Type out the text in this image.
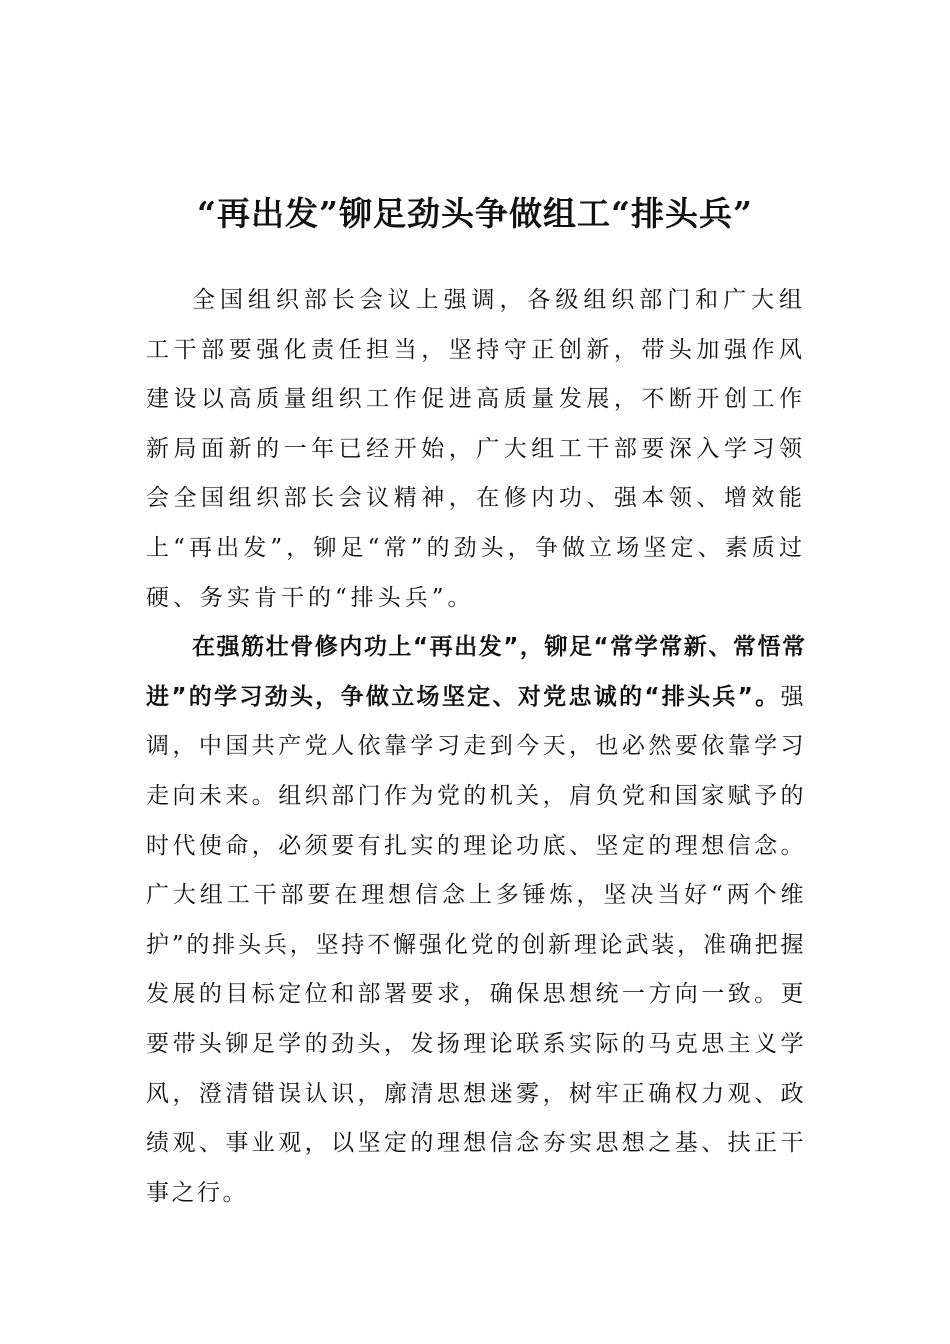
“再出发”铆足劲头争做组工“排头兵”

全国组织部长会议上强调，各级组织部门和广大组工干部要强化责任担当，坚持守正创新，带头加强作风建设以高质量组织工作促进高质量发展，不断开创工作新局面新的一年已经开始，广大组工干部要深入学习领会全国组织部长会议精神，在修内功、强本领、增效能上“再出发”，铆足“常”的劲头，争做立场坚定、素质过硬、务实肯干的“排头兵”。

在强筋壮骨修内功上“再出发”，铆足“常学常新、常悟常进”的学习劲头，争做立场坚定、对党忠诚的“排头兵”。强调，中国共产党人依靠学习走到今天，也必然要依靠学习走向未来。组织部门作为党的机关，肩负党和国家赋予的时代使命，必须要有扎实的理论功底、坚定的理想信念。广大组工干部要在理想信念上多锤炼，坚决当好“两个维护”的排头兵，坚持不懈强化党的创新理论武装，准确把握发展的目标定位和部署要求，确保思想统一方向一致。更要带头铆足学的劲头，发扬理论联系实际的马克思主义学风，澄清错误认识，廓清思想迷雾，树牢正确权力观、政绩观、事业观，以坚定的理想信念夯实思想之基、扶正干事之行。
